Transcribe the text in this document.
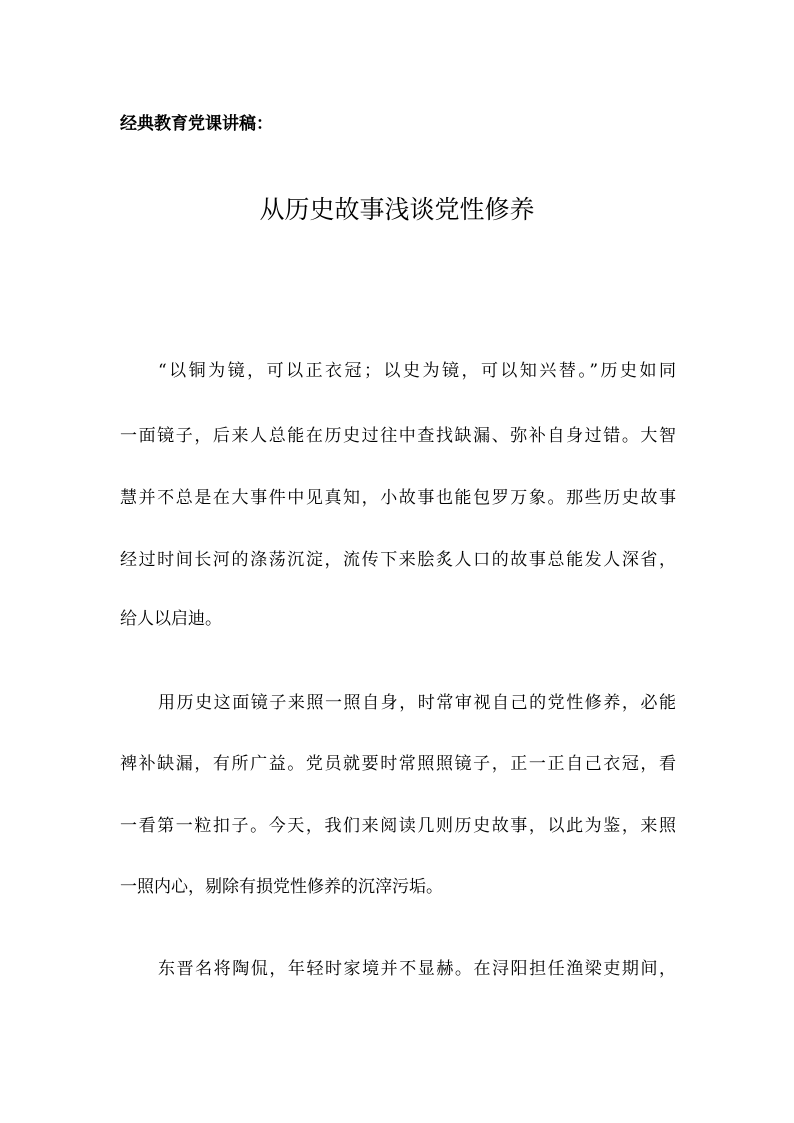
经典教育党课讲稿：
从历史故事浅谈党性修养

“以铜为镜，可以正衣冠；以史为镜，可以知兴替。”历史如同

一面镜子，后来人总能在历史过往中查找缺漏、弥补自身过错。大智

慧并不总是在大事件中见真知，小故事也能包罗万象。那些历史故事

经过时间长河的涤荡沉淀，流传下来脍炙人口的故事总能发人深省，

给人以启迪。

用历史这面镜子来照一照自身，时常审视自己的党性修养，必能

裨补缺漏，有所广益。党员就要时常照照镜子，正一正自己衣冠，看

一看第一粒扣子。今天，我们来阅读几则历史故事，以此为鉴，来照

一照内心，剔除有损党性修养的沉滓污垢。

东晋名将陶侃，年轻时家境并不显赫。在浔阳担任渔梁吏期间，
